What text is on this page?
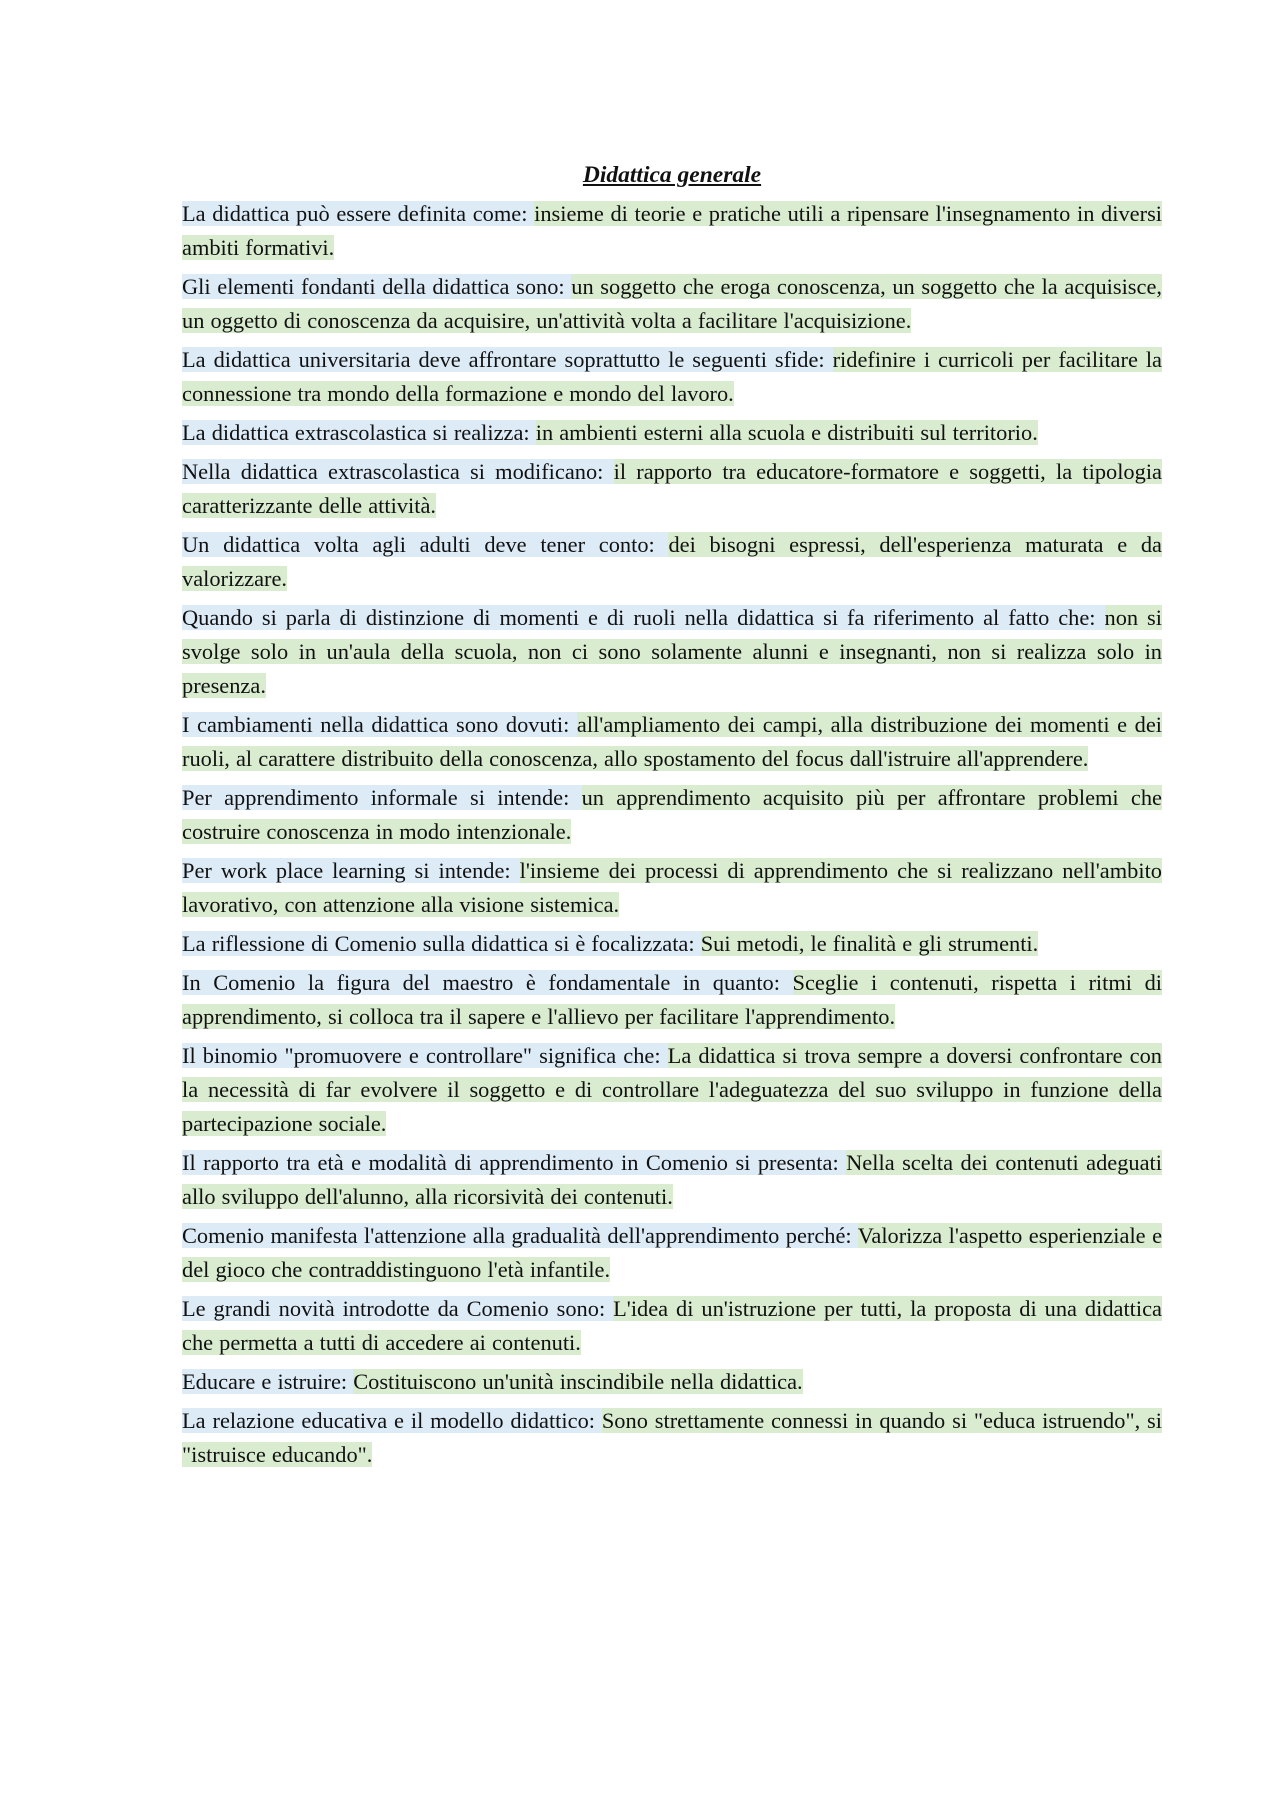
Didattica generale

La didattica può essere definita come: insieme di teorie e pratiche utili a ripensare l'insegnamento in diversi ambiti formativi.

Gli elementi fondanti della didattica sono: un soggetto che eroga conoscenza, un soggetto che la acquisisce, un oggetto di conoscenza da acquisire, un'attività volta a facilitare l'acquisizione.

La didattica universitaria deve affrontare soprattutto le seguenti sfide: ridefinire i curricoli per facilitare la connessione tra mondo della formazione e mondo del lavoro.

La didattica extrascolastica si realizza: in ambienti esterni alla scuola e distribuiti sul territorio.

Nella didattica extrascolastica si modificano: il rapporto tra educatore-formatore e soggetti, la tipologia caratterizzante delle attività.

Un didattica volta agli adulti deve tener conto: dei bisogni espressi, dell'esperienza maturata e da valorizzare.

Quando si parla di distinzione di momenti e di ruoli nella didattica si fa riferimento al fatto che: non si svolge solo in un'aula della scuola, non ci sono solamente alunni e insegnanti, non si realizza solo in presenza.

I cambiamenti nella didattica sono dovuti: all'ampliamento dei campi, alla distribuzione dei momenti e dei ruoli, al carattere distribuito della conoscenza, allo spostamento del focus dall'istruire all'apprendere.

Per apprendimento informale si intende: un apprendimento acquisito più per affrontare problemi che costruire conoscenza in modo intenzionale.

Per work place learning si intende: l'insieme dei processi di apprendimento che si realizzano nell'ambito lavorativo, con attenzione alla visione sistemica.

La riflessione di Comenio sulla didattica si è focalizzata: Sui metodi, le finalità e gli strumenti.

In Comenio la figura del maestro è fondamentale in quanto: Sceglie i contenuti, rispetta i ritmi di apprendimento, si colloca tra il sapere e l'allievo per facilitare l'apprendimento.

Il binomio "promuovere e controllare" significa che: La didattica si trova sempre a doversi confrontare con la necessità di far evolvere il soggetto e di controllare l'adeguatezza del suo sviluppo in funzione della partecipazione sociale.

Il rapporto tra età e modalità di apprendimento in Comenio si presenta: Nella scelta dei contenuti adeguati allo sviluppo dell'alunno, alla ricorsività dei contenuti.

Comenio manifesta l'attenzione alla gradualità dell'apprendimento perché: Valorizza l'aspetto esperienziale e del gioco che contraddistinguono l'età infantile.

Le grandi novità introdotte da Comenio sono: L'idea di un'istruzione per tutti, la proposta di una didattica che permetta a tutti di accedere ai contenuti.

Educare e istruire: Costituiscono un'unità inscindibile nella didattica.

La relazione educativa e il modello didattico: Sono strettamente connessi in quando si "educa istruendo", si "istruisce educando".
